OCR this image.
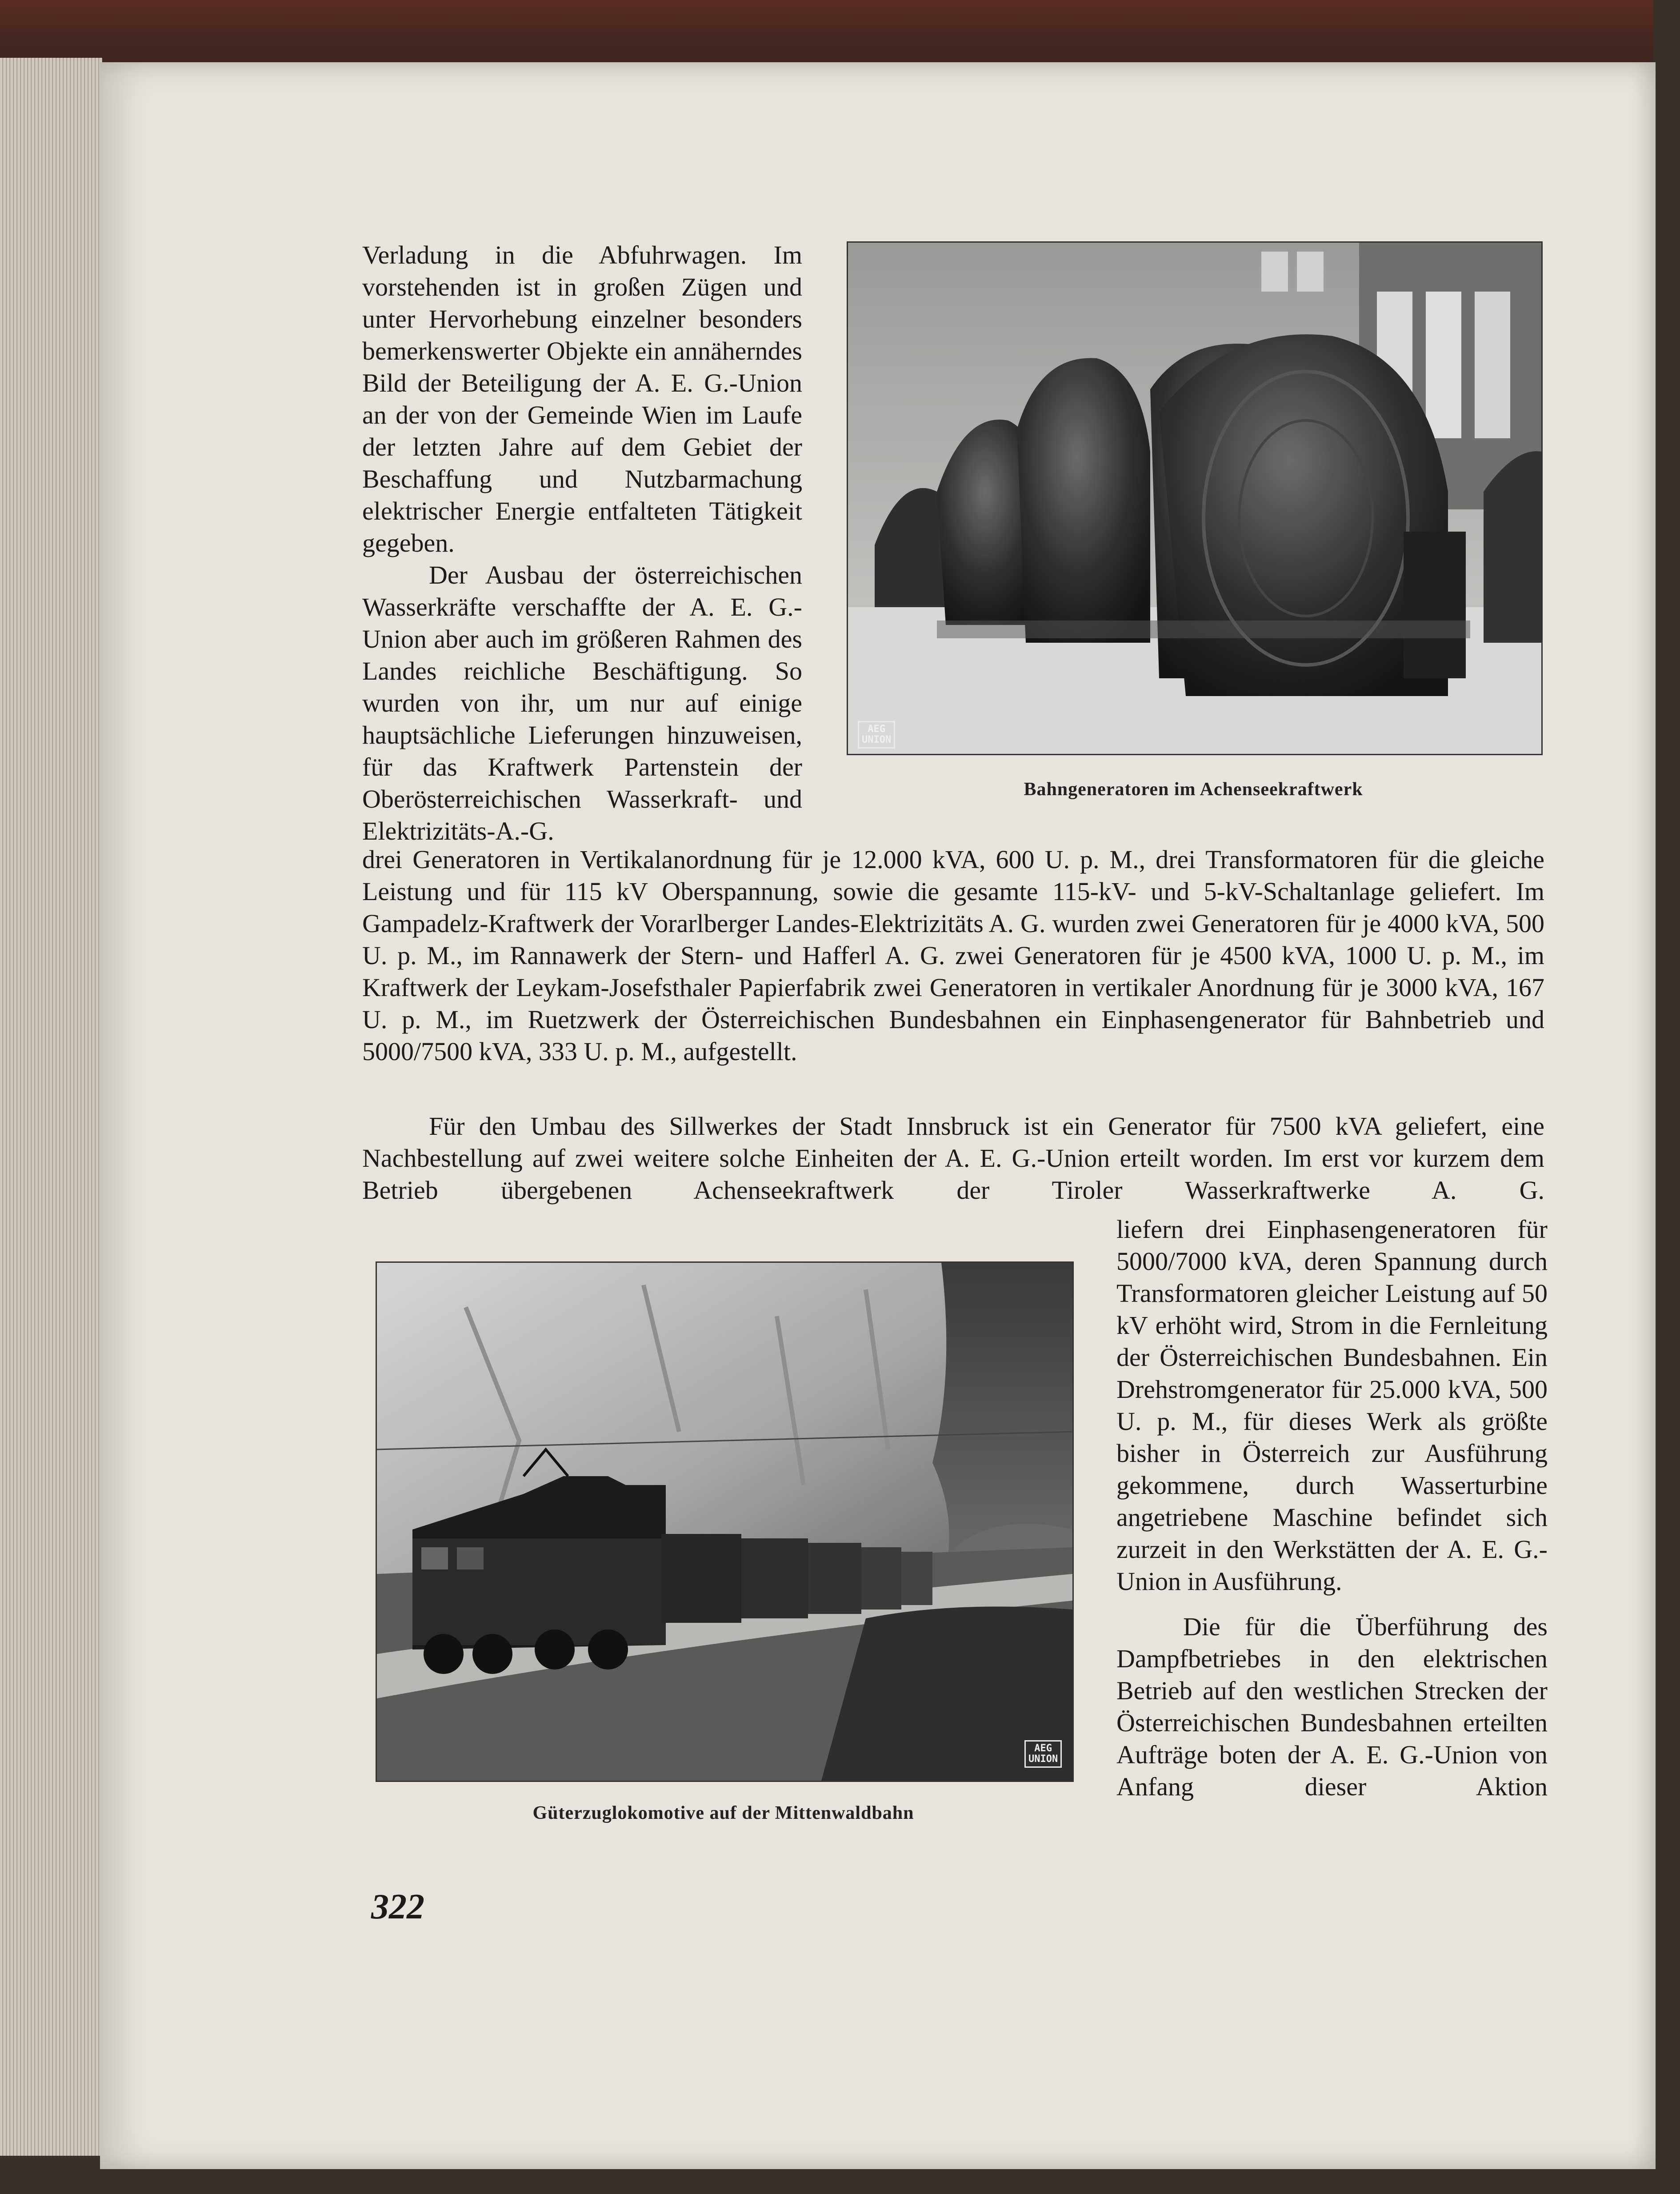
Verladung in die Abfuhrwagen. Im vorstehenden ist in großen Zügen und unter Hervorhebung einzelner besonders bemerkenswerter Objekte ein annäherndes Bild der Beteiligung der A. E. G.-Union an der von der Gemeinde Wien im Laufe der letzten Jahre auf dem Gebiet der Beschaffung und Nutzbarmachung elektrischer Energie entfalteten Tätigkeit gegeben.

Der Ausbau der österreichischen Wasserkräfte verschaffte der A. E. G.-Union aber auch im größeren Rahmen des Landes reichliche Beschäftigung. So wurden von ihr, um nur auf einige hauptsächliche Lieferungen hinzuweisen, für das Kraftwerk Partenstein der Oberösterreichischen Wasserkraft- und Elektrizitäts-A.-G.

AEG
UNION
Bahngeneratoren im Achenseekraftwerk

drei Generatoren in Vertikalanordnung für je 12.000 kVA, 600 U. p. M., drei Transformatoren für die gleiche Leistung und für 115 kV Oberspannung, sowie die gesamte 115-kV- und 5-kV-Schaltanlage geliefert. Im Gampadelz-Kraftwerk der Vorarlberger Landes-Elektrizitäts A. G. wurden zwei Generatoren für je 4000 kVA, 500 U. p. M., im Rannawerk der Stern- und Hafferl A. G. zwei Generatoren für je 4500 kVA, 1000 U. p. M., im Kraftwerk der Leykam-Josefsthaler Papierfabrik zwei Generatoren in vertikaler Anordnung für je 3000 kVA, 167 U. p. M., im Ruetzwerk der Österreichischen Bundesbahnen ein Einphasengenerator für Bahnbetrieb und 5000/7500 kVA, 333 U. p. M., aufgestellt.

Für den Umbau des Sillwerkes der Stadt Innsbruck ist ein Generator für 7500 kVA geliefert, eine Nachbestellung auf zwei weitere solche Einheiten der A. E. G.-Union erteilt worden. Im erst vor kurzem dem Betrieb übergebenen Achenseekraftwerk der Tiroler Wasserkraftwerke A. G.

liefern drei Einphasengeneratoren für 5000/7000 kVA, deren Spannung durch Transformatoren gleicher Leistung auf 50 kV erhöht wird, Strom in die Fernleitung der Österreichischen Bundesbahnen. Ein Drehstromgenerator für 25.000 kVA, 500 U. p. M., für dieses Werk als größte bisher in Österreich zur Ausführung gekommene, durch Wasserturbine angetriebene Maschine befindet sich zurzeit in den Werkstätten der A. E. G.-Union in Ausführung.

Die für die Überführung des Dampfbetriebes in den elektrischen Betrieb auf den westlichen Strecken der Österreichischen Bundesbahnen erteilten Aufträge boten der A. E. G.-Union von Anfang dieser Aktion

AEG
UNION
Güterzuglokomotive auf der Mittenwaldbahn
322
